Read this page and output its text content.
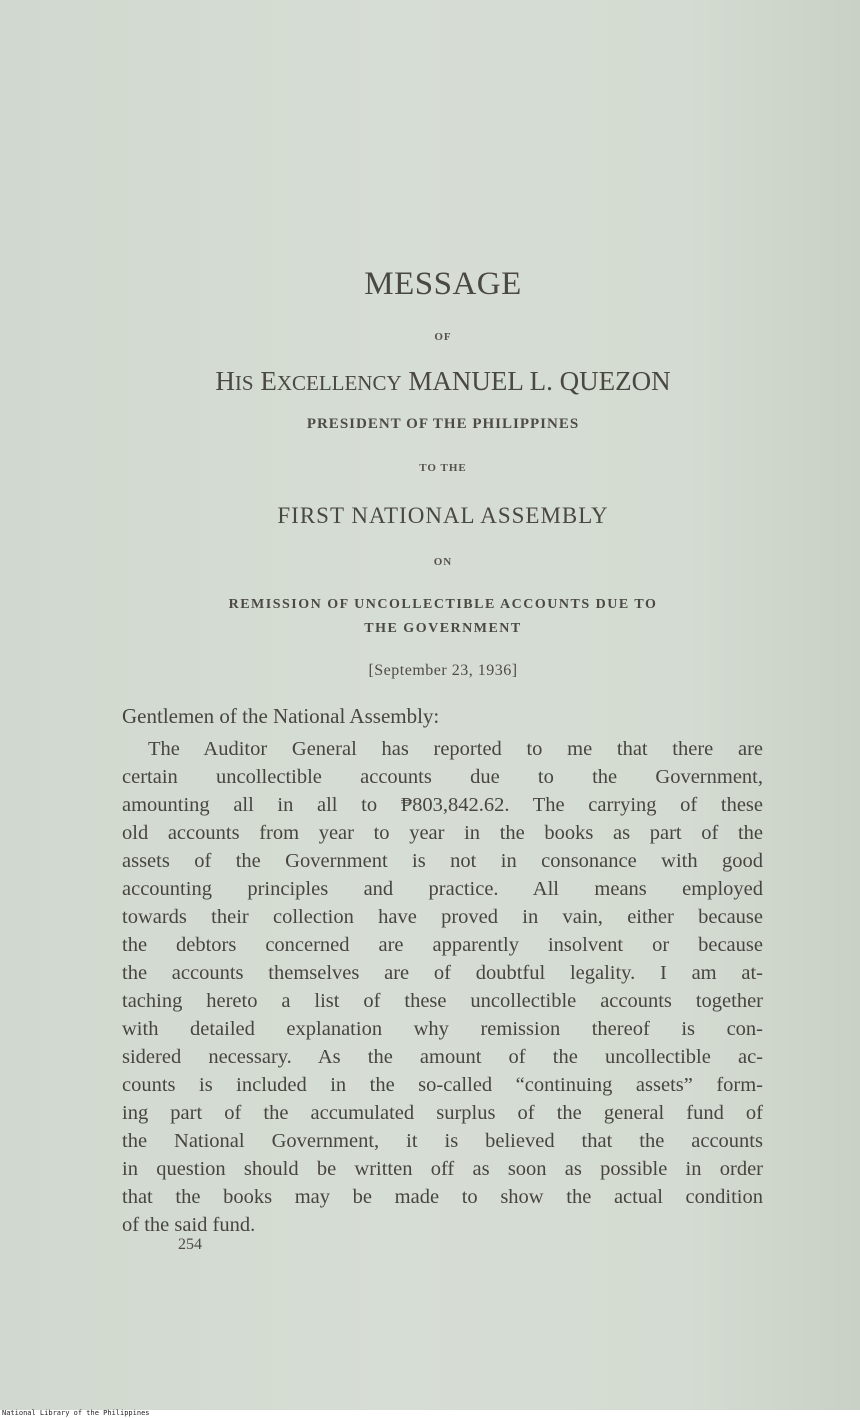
MESSAGE
OF
HIS EXCELLENCY MANUEL L. QUEZON
PRESIDENT OF THE PHILIPPINES
TO THE
FIRST NATIONAL ASSEMBLY
ON
REMISSION OF UNCOLLECTIBLE ACCOUNTS DUE TO
THE GOVERNMENT
[September 23, 1936]
Gentlemen of the National Assembly:
The Auditor General has reported to me that there are
certain uncollectible accounts due to the Government,
amounting all in all to ₱803,842.62. The carrying of these
old accounts from year to year in the books as part of the
assets of the Government is not in consonance with good
accounting principles and practice. All means employed
towards their collection have proved in vain, either because
the debtors concerned are apparently insolvent or because
the accounts themselves are of doubtful legality. I am at-
taching hereto a list of these uncollectible accounts together
with detailed explanation why remission thereof is con-
sidered necessary. As the amount of the uncollectible ac-
counts is included in the so-called “continuing assets” form-
ing part of the accumulated surplus of the general fund of
the National Government, it is believed that the accounts
in question should be written off as soon as possible in order
that the books may be made to show the actual condition
of the said fund.
254
National Library of the Philippines
